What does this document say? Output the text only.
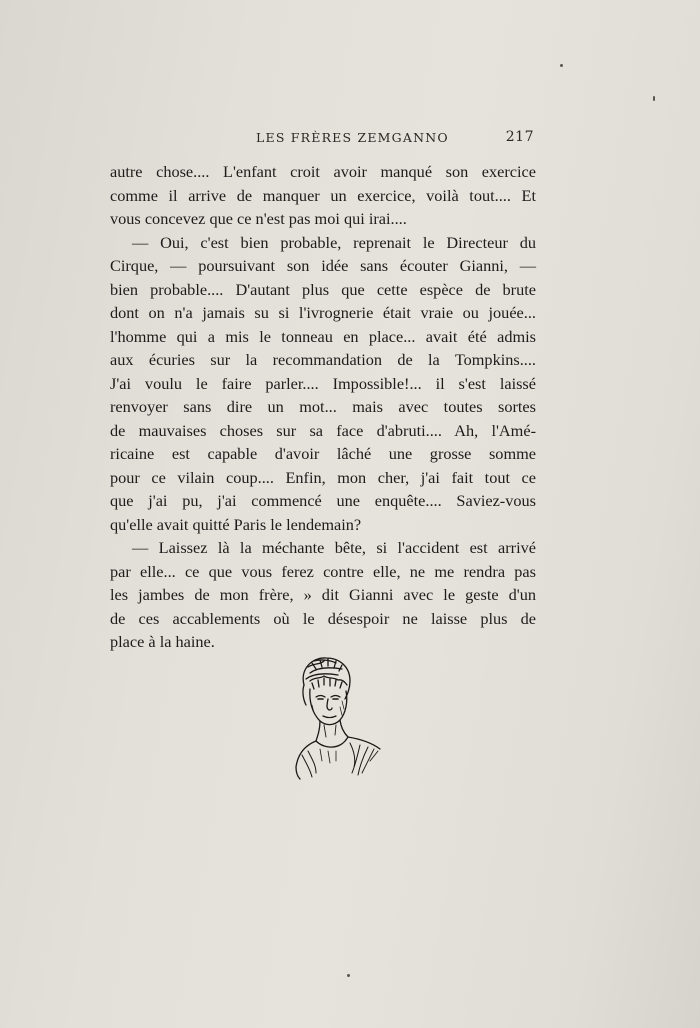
LES FRÈRES ZEMGANNO	217
autre chose.... L'enfant croit avoir manqué son exercice
comme il arrive de manquer un exercice, voilà tout.... Et
vous concevez que ce n'est pas moi qui irai....
— Oui, c'est bien probable, reprenait le Directeur du
Cirque, — poursuivant son idée sans écouter Gianni, —
bien probable.... D'autant plus que cette espèce de brute
dont on n'a jamais su si l'ivrognerie était vraie ou jouée...
l'homme qui a mis le tonneau en place... avait été admis
aux écuries sur la recommandation de la Tompkins....
J'ai voulu le faire parler.... Impossible!... il s'est laissé
renvoyer sans dire un mot... mais avec toutes sortes
de mauvaises choses sur sa face d'abruti.... Ah, l'Amé-
ricaine est capable d'avoir lâché une grosse somme
pour ce vilain coup.... Enfin, mon cher, j'ai fait tout ce
que j'ai pu, j'ai commencé une enquête.... Saviez-vous
qu'elle avait quitté Paris le lendemain?
— Laissez là la méchante bête, si l'accident est arrivé
par elle... ce que vous ferez contre elle, ne me rendra pas
les jambes de mon frère, » dit Gianni avec le geste d'un
de ces accablements où le désespoir ne laisse plus de
place à la haine.
